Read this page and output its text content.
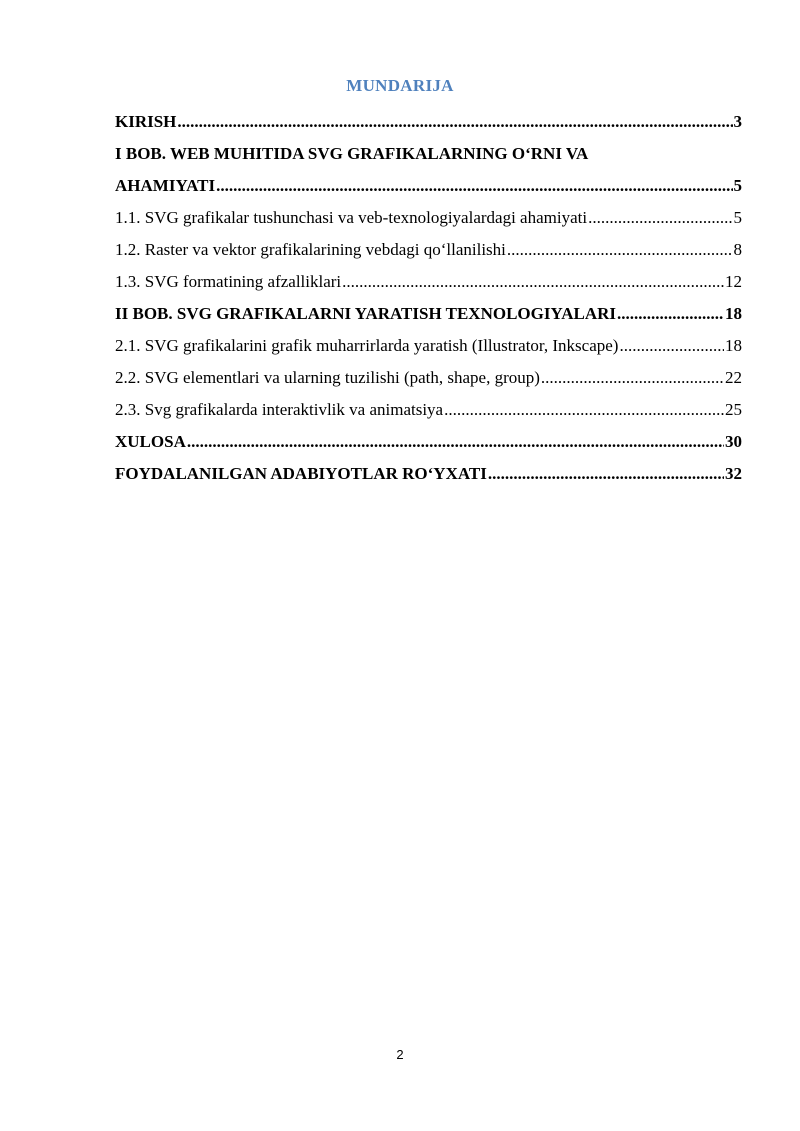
MUNDARIJA
KIRISH .....	3
I BOB. WEB MUHITIDA SVG GRAFIKALARNING O‘RNI VA
AHAMIYATI .....	5
1.1. SVG grafikalar tushunchasi va veb-texnologiyalardagi ahamiyati .....	5
1.2. Raster va vektor grafikalarining vebdagi qo‘llanilishi .....	8
1.3. SVG formatining afzalliklari .....	12
II BOB. SVG GRAFIKALARNI YARATISH TEXNOLOGIYALARI .....	18
2.1. SVG grafikalarini grafik muharrirlarda yaratish (Illustrator, Inkscape) .....	18
2.2. SVG elementlari va ularning tuzilishi (path, shape, group) .....	22
2.3. Svg grafikalarda interaktivlik va animatsiya .....	25
XULOSA .....	30
FOYDALANILGAN ADABIYOTLAR RO‘YXATI .....	32
2
